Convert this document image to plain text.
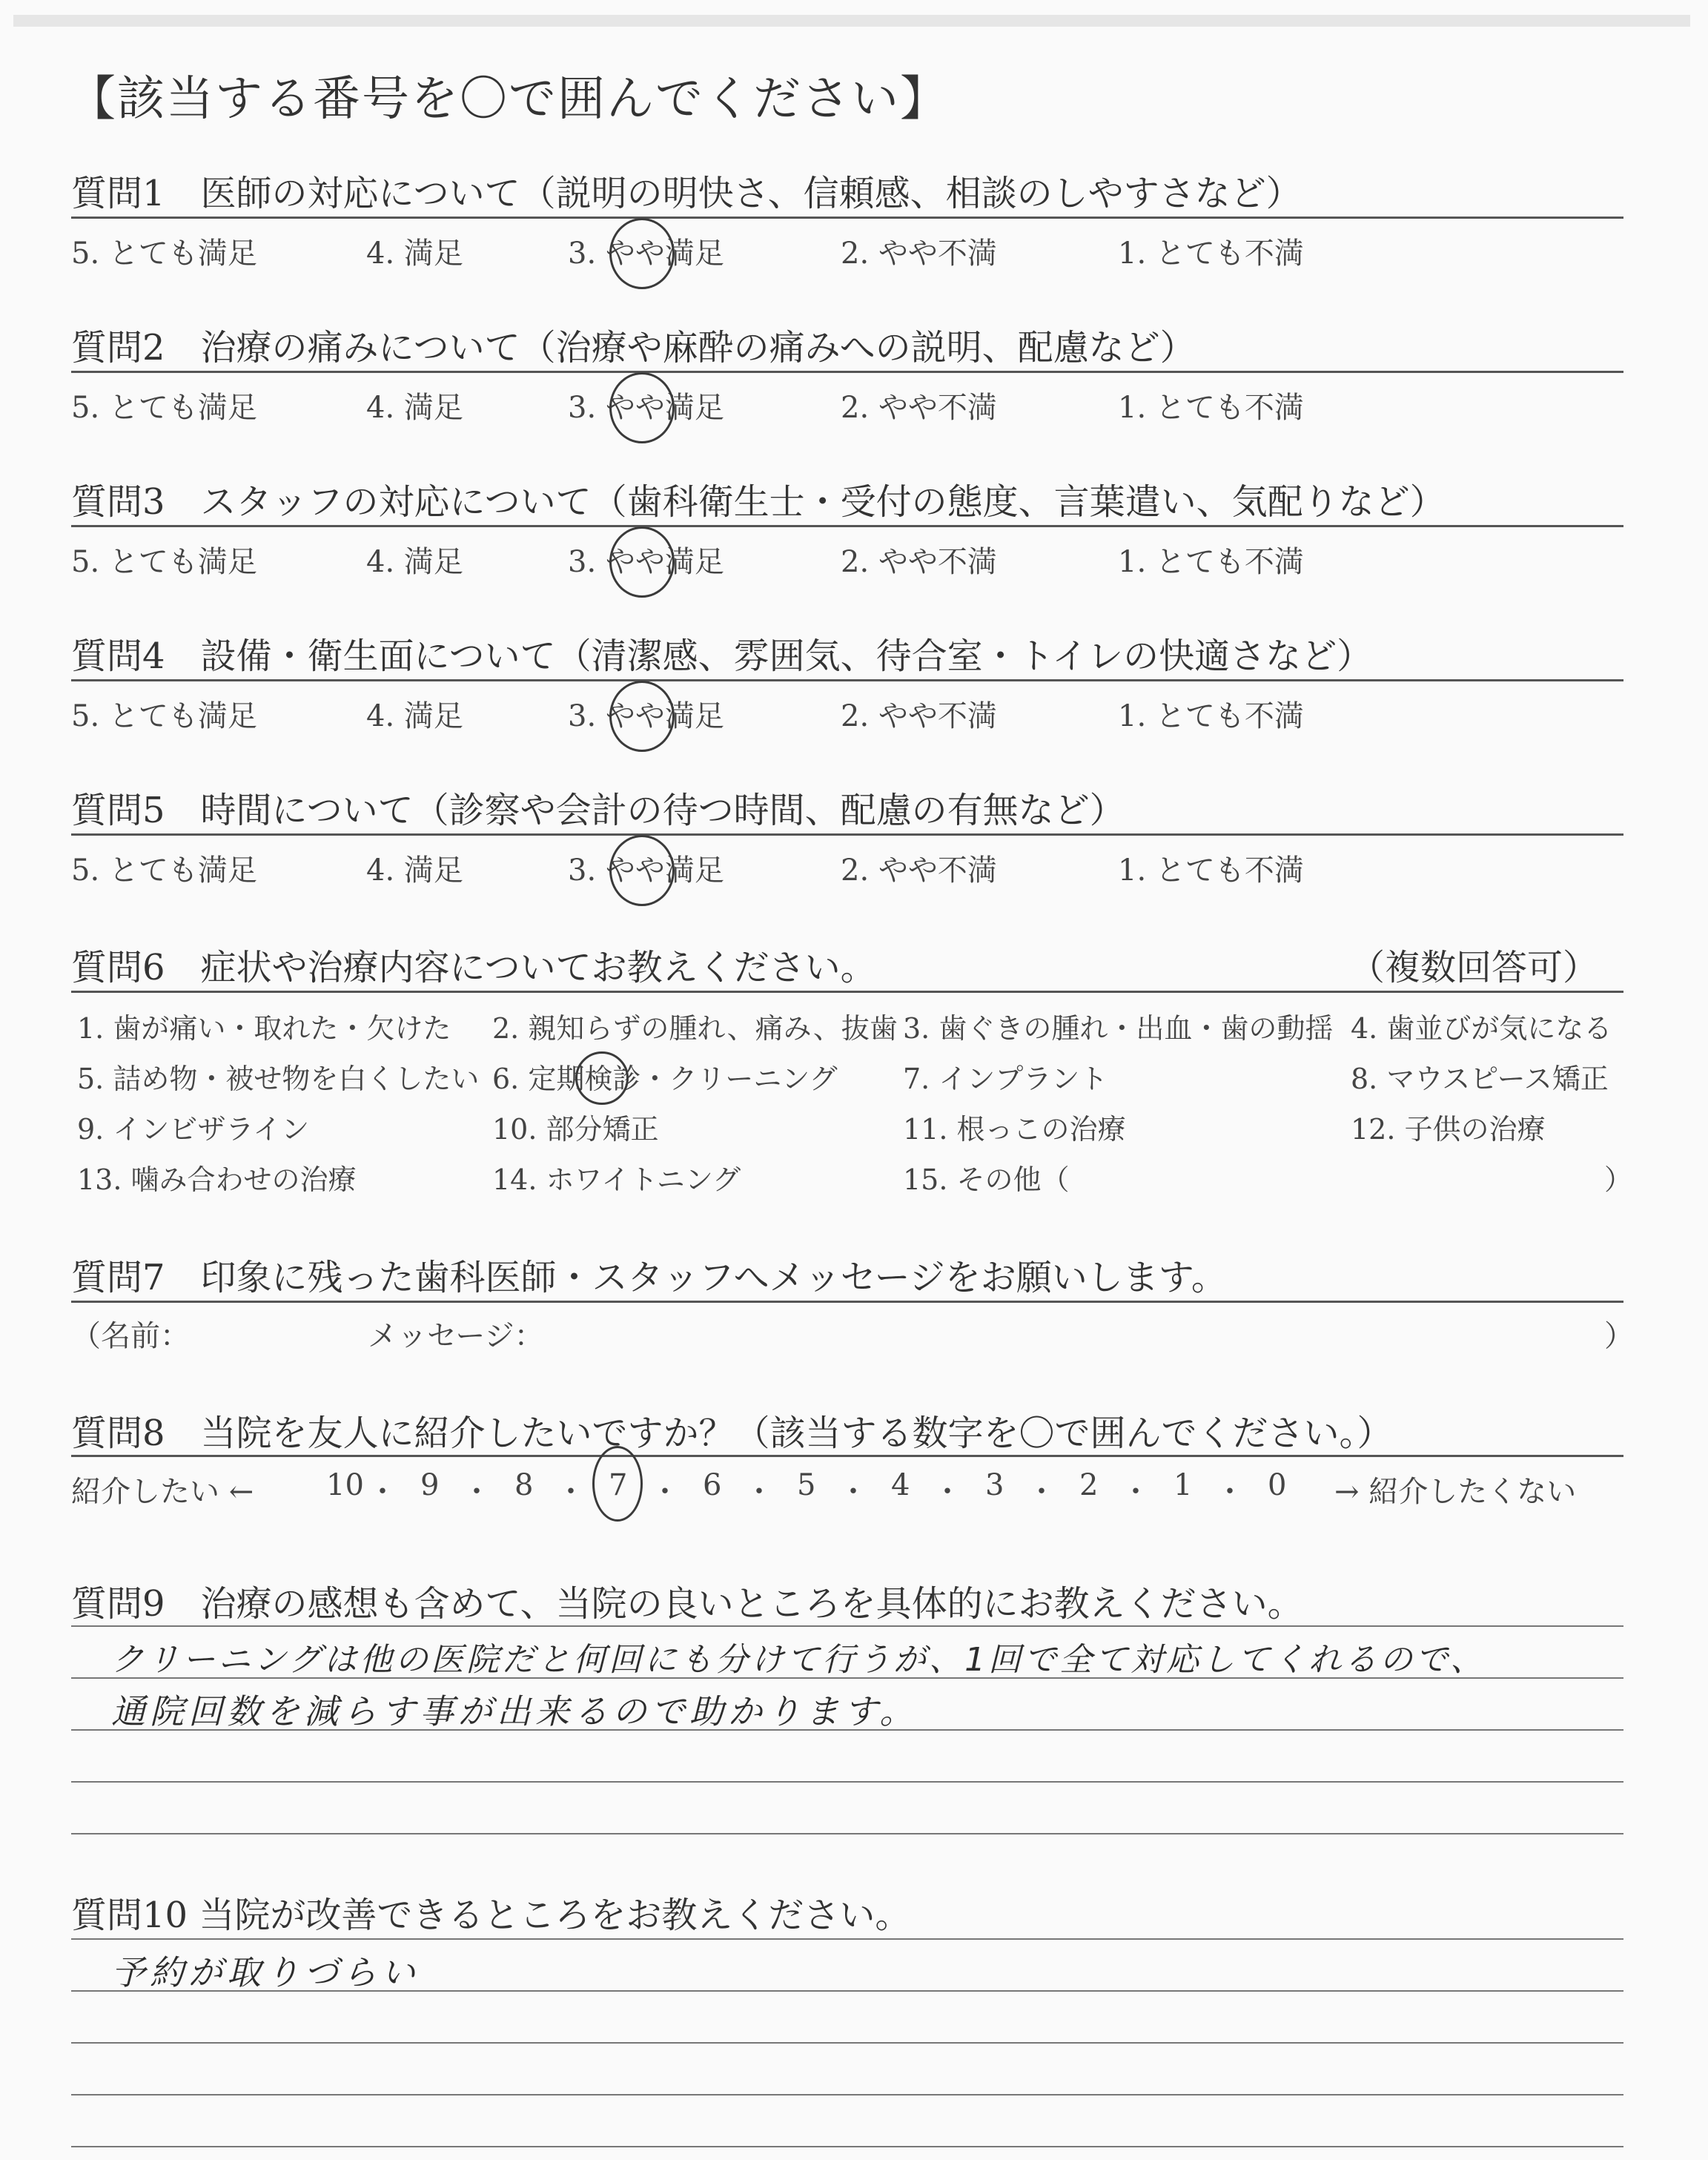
【該当する番号を〇で囲んでください】
質問1　医師の対応について（説明の明快さ、信頼感、相談のしやすさなど）
5. とても満足	4. 満足	3. やや満足	2. やや不満	1. とても不満
質問2　治療の痛みについて（治療や麻酔の痛みへの説明、配慮など）
5. とても満足	4. 満足	3. やや満足	2. やや不満	1. とても不満
質問3　スタッフの対応について（歯科衛生士・受付の態度、言葉遣い、気配りなど）
5. とても満足	4. 満足	3. やや満足	2. やや不満	1. とても不満
質問4　設備・衛生面について（清潔感、雰囲気、待合室・トイレの快適さなど）
5. とても満足	4. 満足	3. やや満足	2. やや不満	1. とても不満
質問5　時間について（診察や会計の待つ時間、配慮の有無など）
5. とても満足	4. 満足	3. やや満足	2. やや不満	1. とても不満
質問6　症状や治療内容についてお教えください。	（複数回答可）
1. 歯が痛い・取れた・欠けた 2. 親知らずの腫れ、痛み、抜歯 3. 歯ぐきの腫れ・出血・歯の動揺 4. 歯並びが気になる
5. 詰め物・被せ物を白くしたい 6. 定期検診・クリーニング 7. インプラント	8. マウスピース矯正
9. インビザライン	10. 部分矯正	11. 根っこの治療	12. 子供の治療
13. 噛み合わせの治療	14. ホワイトニング	15. その他（	）
質問7　印象に残った歯科医師・スタッフへメッセージをお願いします。
（名前：	メッセージ：	）
質問8　当院を友人に紹介したいですか？（該当する数字を〇で囲んでください。）
紹介したい ← 10 ・ 9 ・ 8 ・ 7 ・ 6 ・ 5 ・ 4 ・ 3 ・ 2 ・ 1 ・ 0 → 紹介したくない
質問9　治療の感想も含めて、当院の良いところを具体的にお教えください。
クリーニングは他の医院だと何回にも分けて行うが、1回で全て対応してくれるので、
通院回数を減らす事が出来るので助かります。
質問10 当院が改善できるところをお教えください。
予約が取りづらい
